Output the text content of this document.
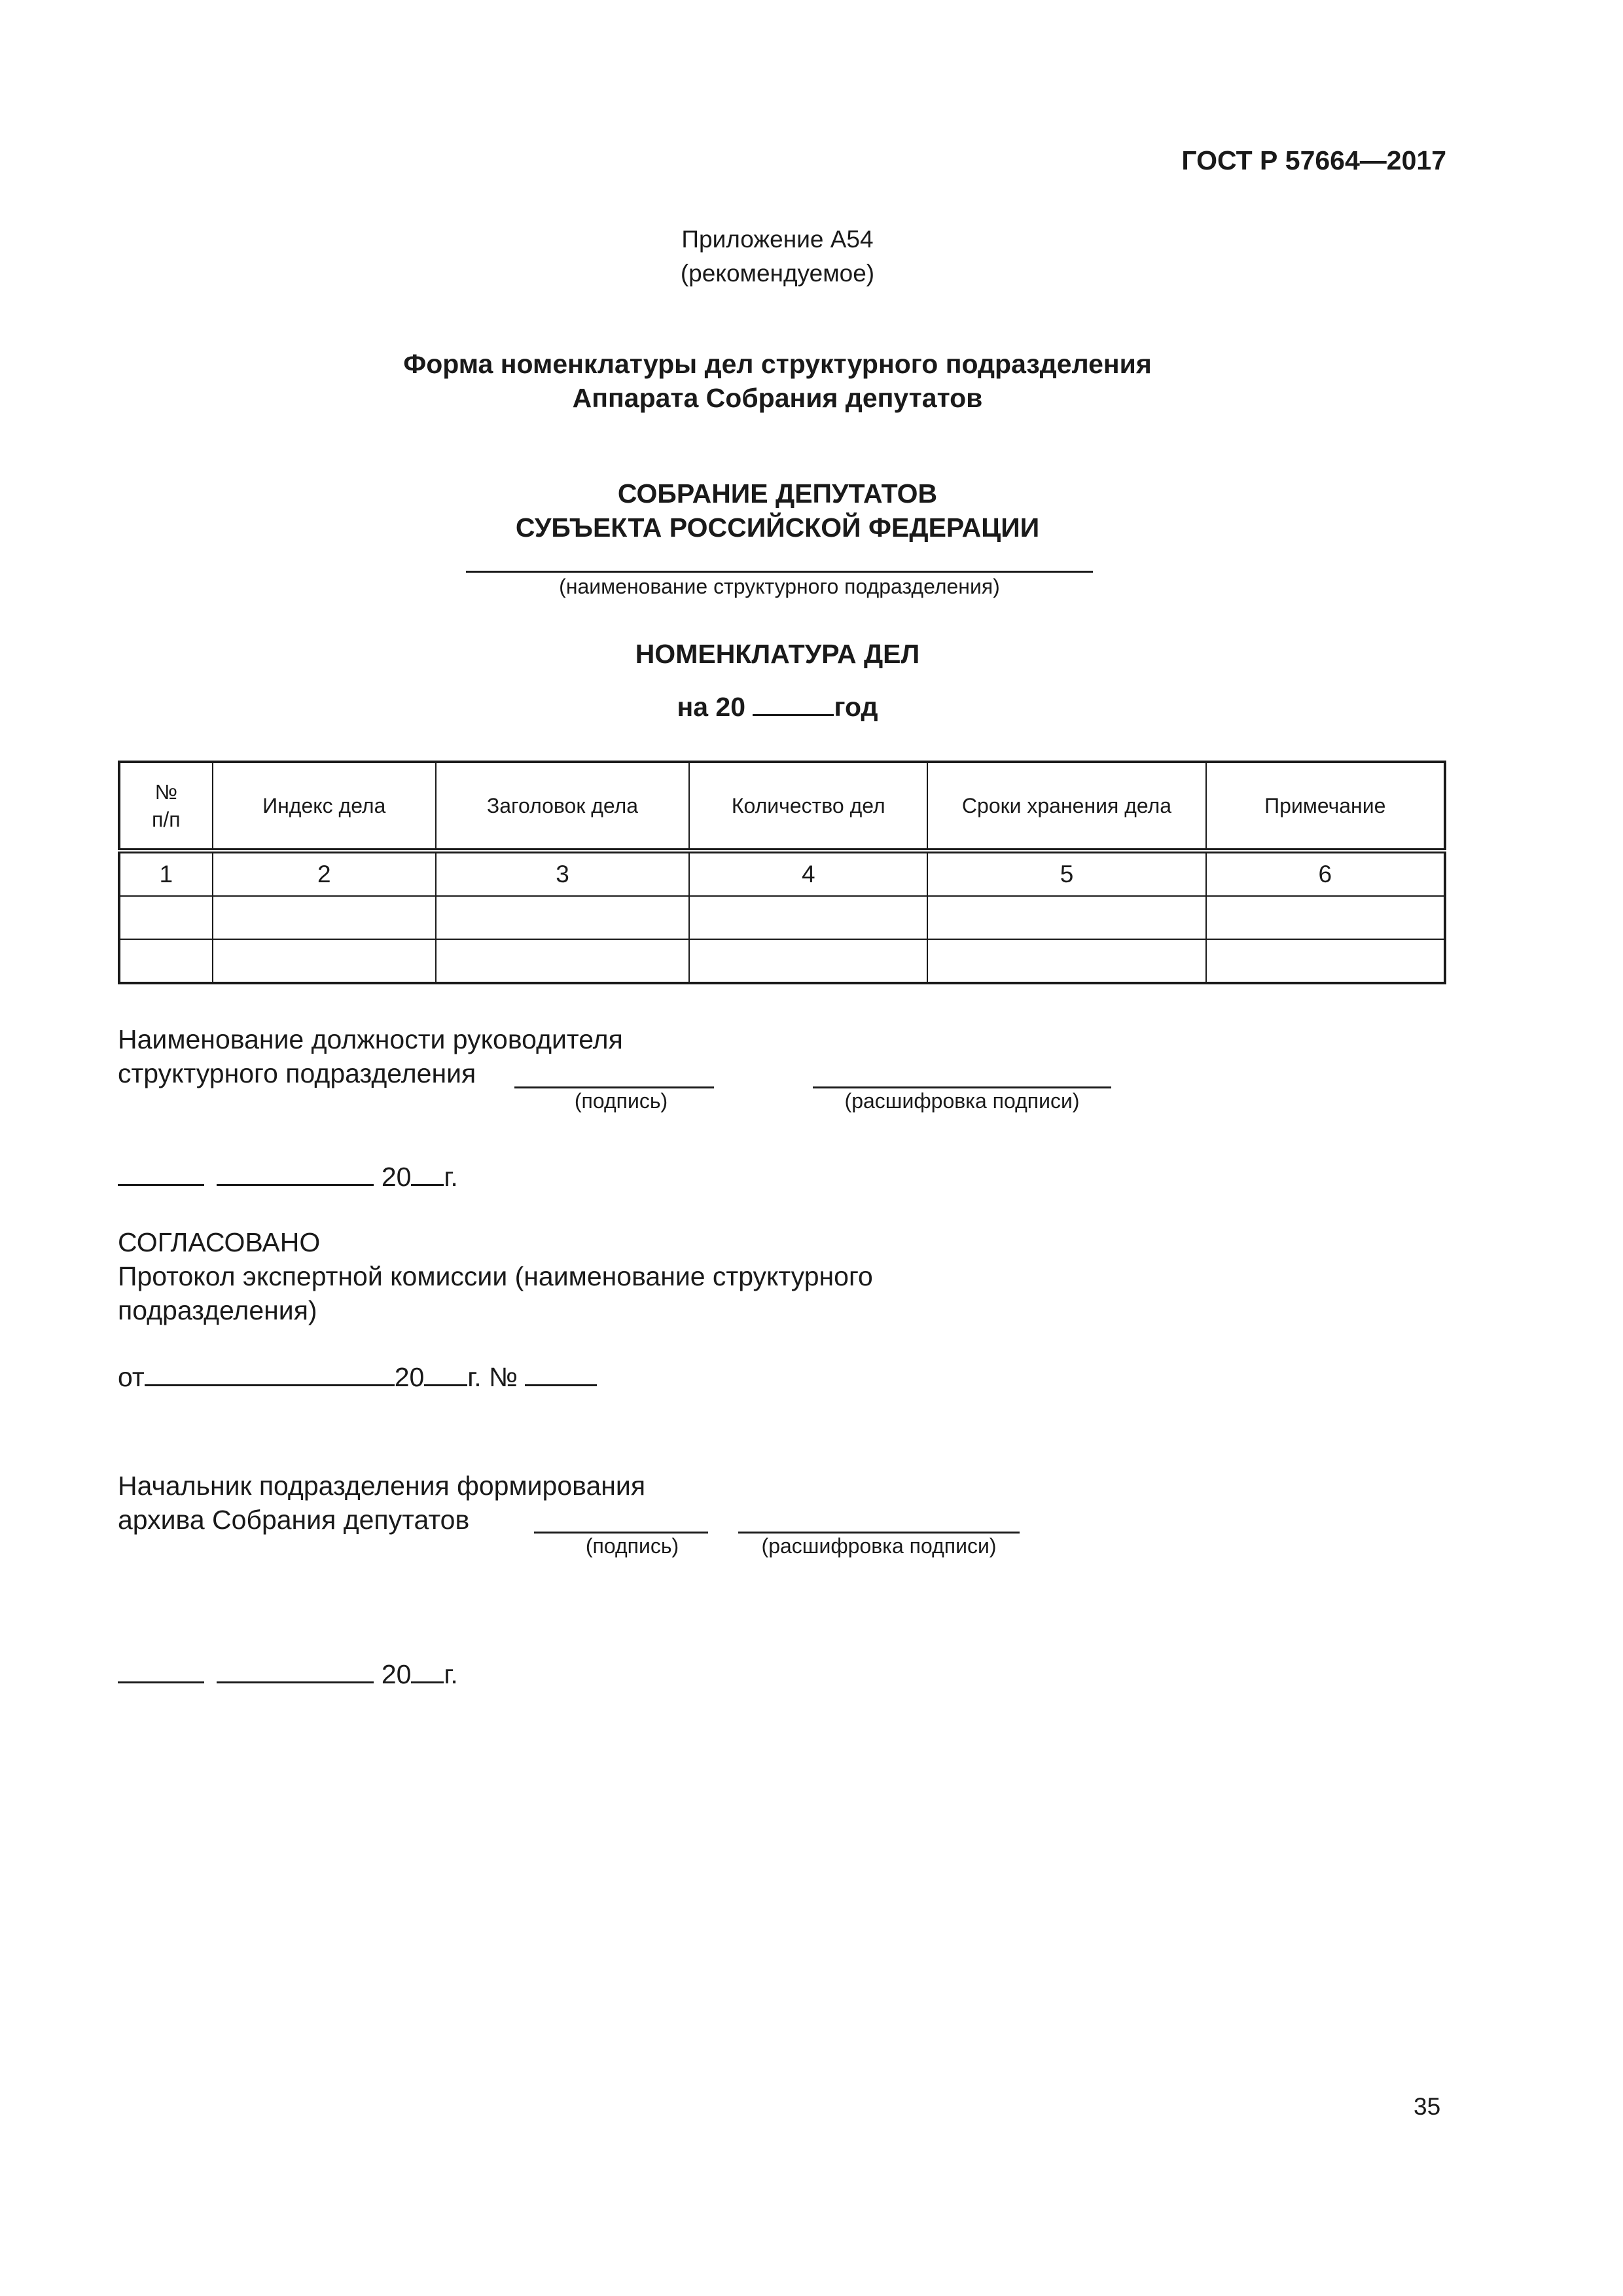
ГОСТ Р 57664—2017
Приложение А54
(рекомендуемое)
Форма номенклатуры дел структурного подразделения
Аппарата Собрания депутатов
СОБРАНИЕ ДЕПУТАТОВ
СУБЪЕКТА РОССИЙСКОЙ ФЕДЕРАЦИИ
(наименование структурного подразделения)
НОМЕНКЛАТУРА ДЕЛ
на 20	год
№
п/п	Индекс дела	Заголовок дела	Количество дел	Сроки хранения дела	Примечание
1	2	3	4	5	6

Наименование должности руководителя
структурного подразделения
(подпись)	(расшифровка подписи)
20 г.
СОГЛАСОВАНО
Протокол экспертной комиссии (наименование структурного
подразделения)
от	20 г. №
Начальник подразделения формирования
архива Собрания депутатов
(подпись)	(расшифровка подписи)
20 г.
35
